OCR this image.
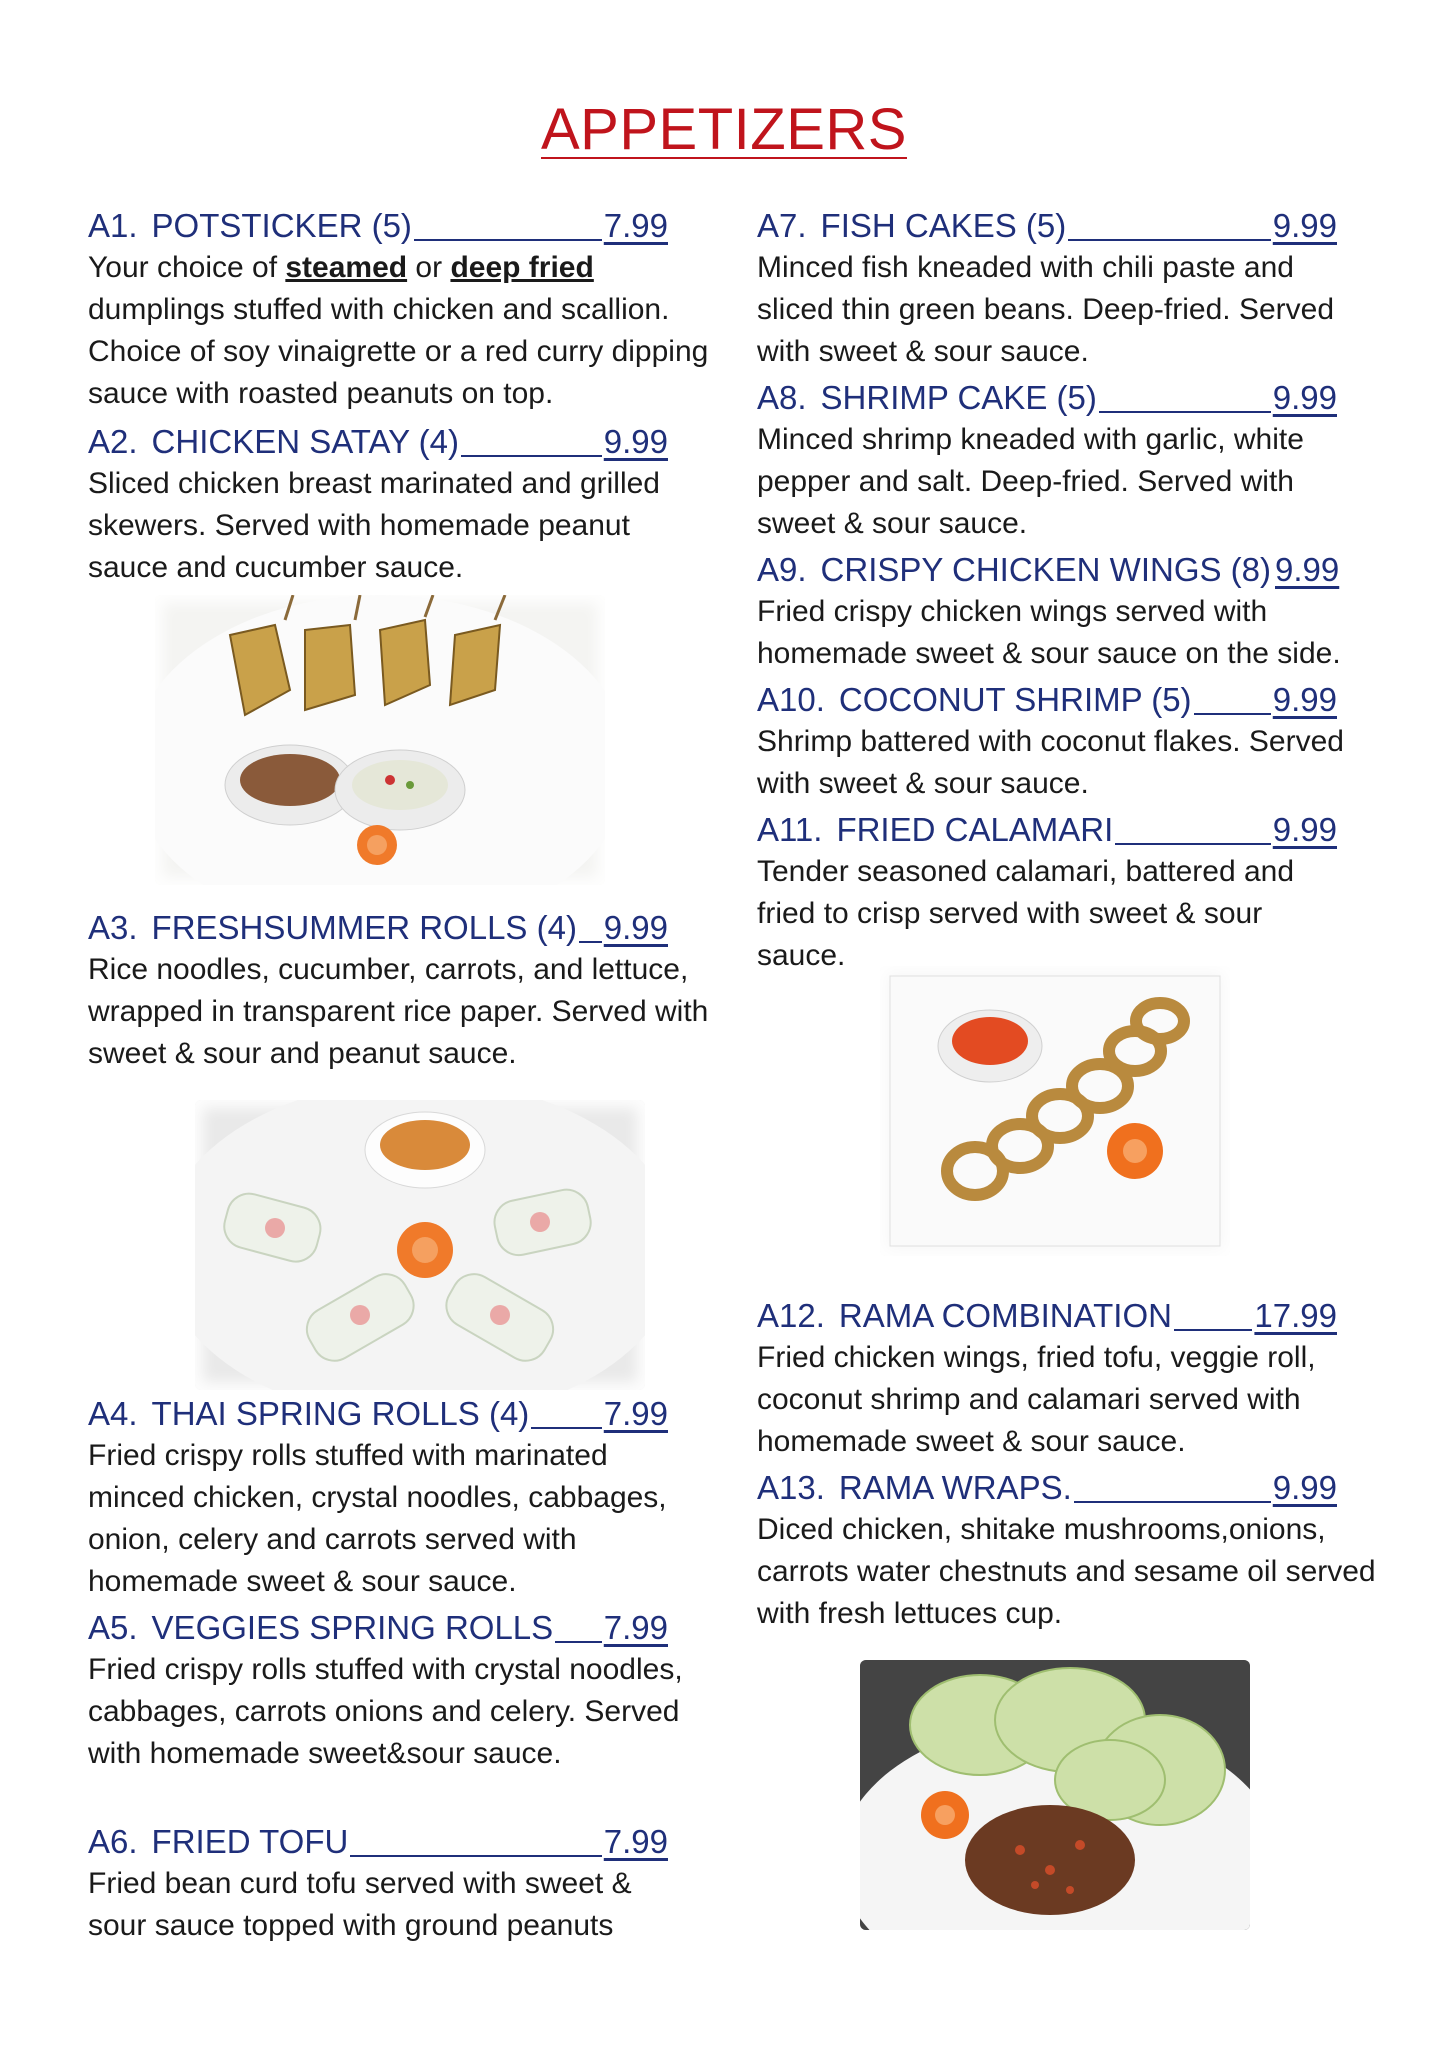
APPETIZERS
A1. POTSTICKER (5)	7.99
Your choice of steamed or deep fried dumplings stuffed with chicken and scallion. Choice of soy vinaigrette or a red curry dipping sauce with roasted peanuts on top.
A2. CHICKEN SATAY (4)	9.99
Sliced chicken breast marinated and grilled skewers. Served with homemade peanut sauce and cucumber sauce.
A3. FRESHSUMMER ROLLS (4) 9.99
Rice noodles, cucumber, carrots, and lettuce, wrapped in transparent rice paper. Served with sweet & sour and peanut sauce.
A4. THAI SPRING ROLLS (4) 7.99
Fried crispy rolls stuffed with marinated minced chicken, crystal noodles, cabbages, onion, celery and carrots served with homemade sweet & sour sauce.
A5. VEGGIES SPRING ROLLS 7.99
Fried crispy rolls stuffed with crystal noodles, cabbages, carrots onions and celery. Served with homemade sweet&sour sauce.
A6. FRIED TOFU	7.99
Fried bean curd tofu served with sweet & sour sauce topped with ground peanuts
A7. FISH CAKES (5)	9.99
Minced fish kneaded with chili paste and sliced thin green beans. Deep-fried. Served with sweet & sour sauce.
A8. SHRIMP CAKE (5)	9.99
Minced shrimp kneaded with garlic, white pepper and salt. Deep-fried. Served with sweet & sour sauce.
A9. CRISPY CHICKEN WINGS (8) 9.99
Fried crispy chicken wings served with homemade sweet & sour sauce on the side.
A10. COCONUT SHRIMP (5) 9.99
Shrimp battered with coconut flakes. Served with sweet & sour sauce.
A11. FRIED CALAMARI	9.99
Tender seasoned calamari, battered and fried to crisp served with sweet & sour sauce.
A12. RAMA COMBINATION 17.99
Fried chicken wings, fried tofu, veggie roll, coconut shrimp and calamari served with homemade sweet & sour sauce.
A13. RAMA WRAPS.	9.99
Diced chicken, shitake mushrooms,onions, carrots water chestnuts and sesame oil served with fresh lettuces cup.
